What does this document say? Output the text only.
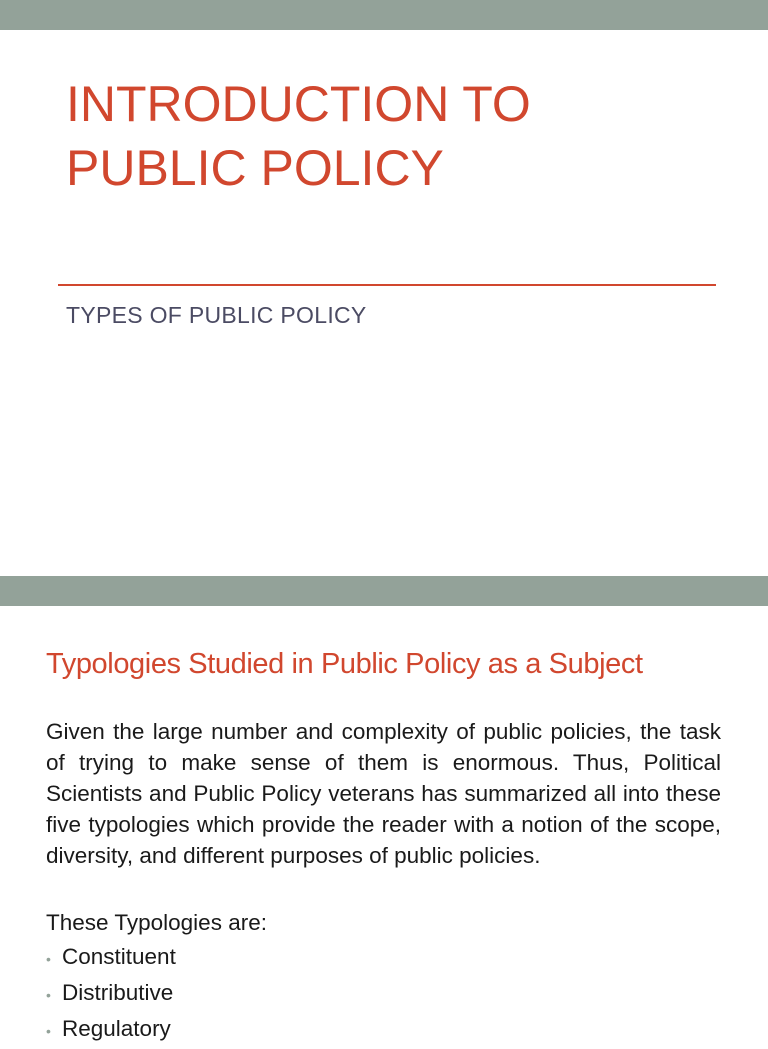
INTRODUCTION TO
PUBLIC POLICY
TYPES OF PUBLIC POLICY
Typologies Studied in Public Policy as a Subject

Given the large number and complexity of public policies, the task of trying to make sense of them is enormous. Thus, Political Scientists and Public Policy veterans has summarized all into these five typologies which provide the reader with a notion of the scope, diversity, and different purposes of public policies.

These Typologies are:

• Constituent
• Distributive
• Regulatory
